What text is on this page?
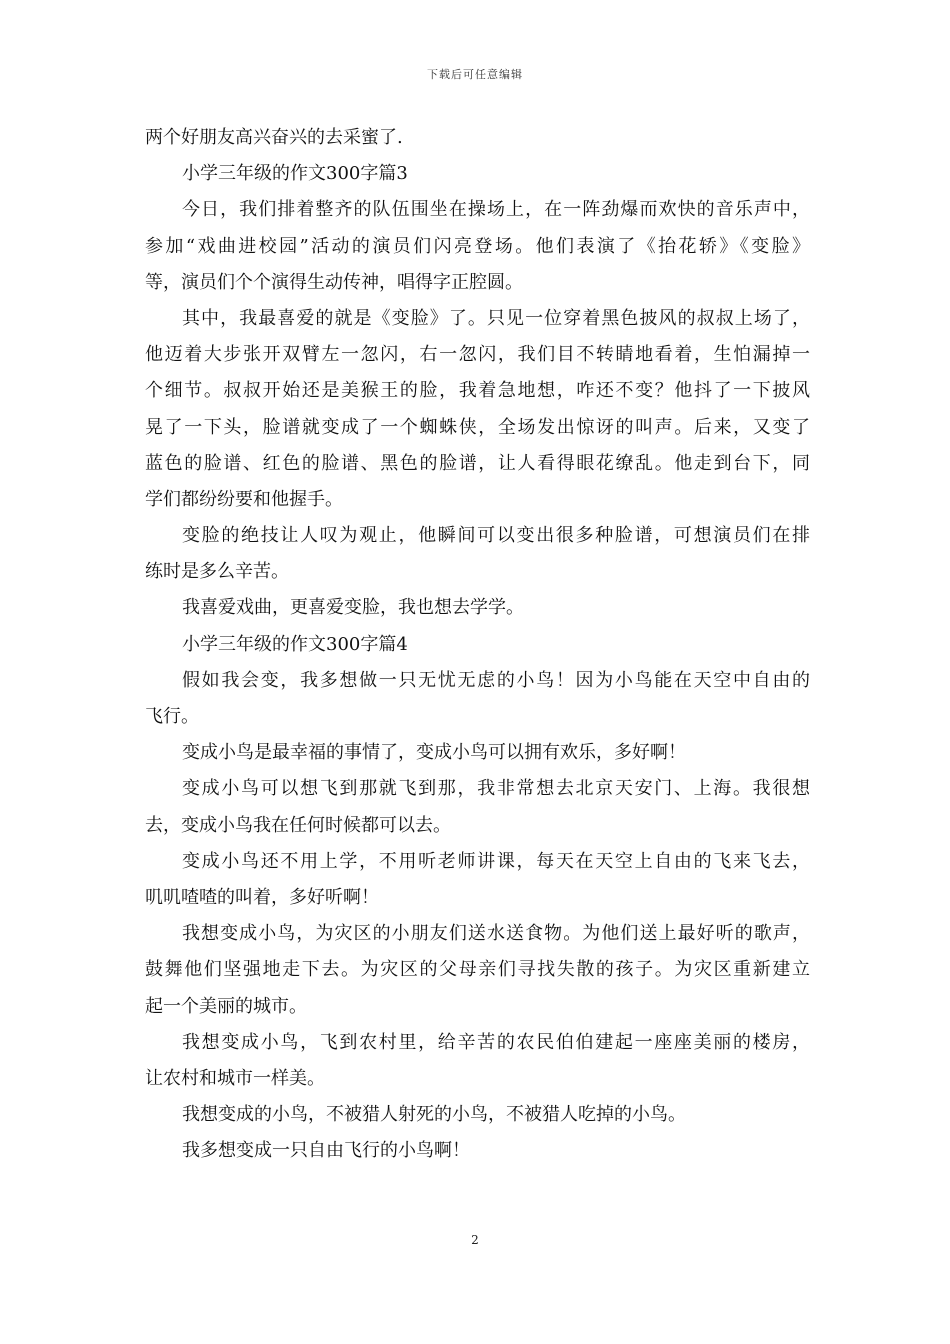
下载后可任意编辑
两个好朋友高兴奋兴的去采蜜了.
小学三年级的作文300字篇3
今日，我们排着整齐的队伍围坐在操场上，在一阵劲爆而欢快的音乐声中，
参加“戏曲进校园”活动的演员们闪亮登场。他们表演了《抬花轿》《变脸》
等，演员们个个演得生动传神，唱得字正腔圆。
其中，我最喜爱的就是《变脸》了。只见一位穿着黑色披风的叔叔上场了，
他迈着大步张开双臂左一忽闪，右一忽闪，我们目不转睛地看着，生怕漏掉一
个细节。叔叔开始还是美猴王的脸，我着急地想，咋还不变？他抖了一下披风
晃了一下头，脸谱就变成了一个蜘蛛侠，全场发出惊讶的叫声。后来，又变了
蓝色的脸谱、红色的脸谱、黑色的脸谱，让人看得眼花缭乱。他走到台下，同
学们都纷纷要和他握手。
变脸的绝技让人叹为观止，他瞬间可以变出很多种脸谱，可想演员们在排
练时是多么辛苦。
我喜爱戏曲，更喜爱变脸，我也想去学学。
小学三年级的作文300字篇4
假如我会变，我多想做一只无忧无虑的小鸟！因为小鸟能在天空中自由的
飞行。
变成小鸟是最幸福的事情了，变成小鸟可以拥有欢乐，多好啊！
变成小鸟可以想飞到那就飞到那，我非常想去北京天安门、上海。我很想
去，变成小鸟我在任何时候都可以去。
变成小鸟还不用上学，不用听老师讲课，每天在天空上自由的飞来飞去，
叽叽喳喳的叫着，多好听啊！
我想变成小鸟，为灾区的小朋友们送水送食物。为他们送上最好听的歌声，
鼓舞他们坚强地走下去。为灾区的父母亲们寻找失散的孩子。为灾区重新建立
起一个美丽的城市。
我想变成小鸟，飞到农村里，给辛苦的农民伯伯建起一座座美丽的楼房，
让农村和城市一样美。
我想变成的小鸟，不被猎人射死的小鸟，不被猎人吃掉的小鸟。
我多想变成一只自由飞行的小鸟啊！
2
